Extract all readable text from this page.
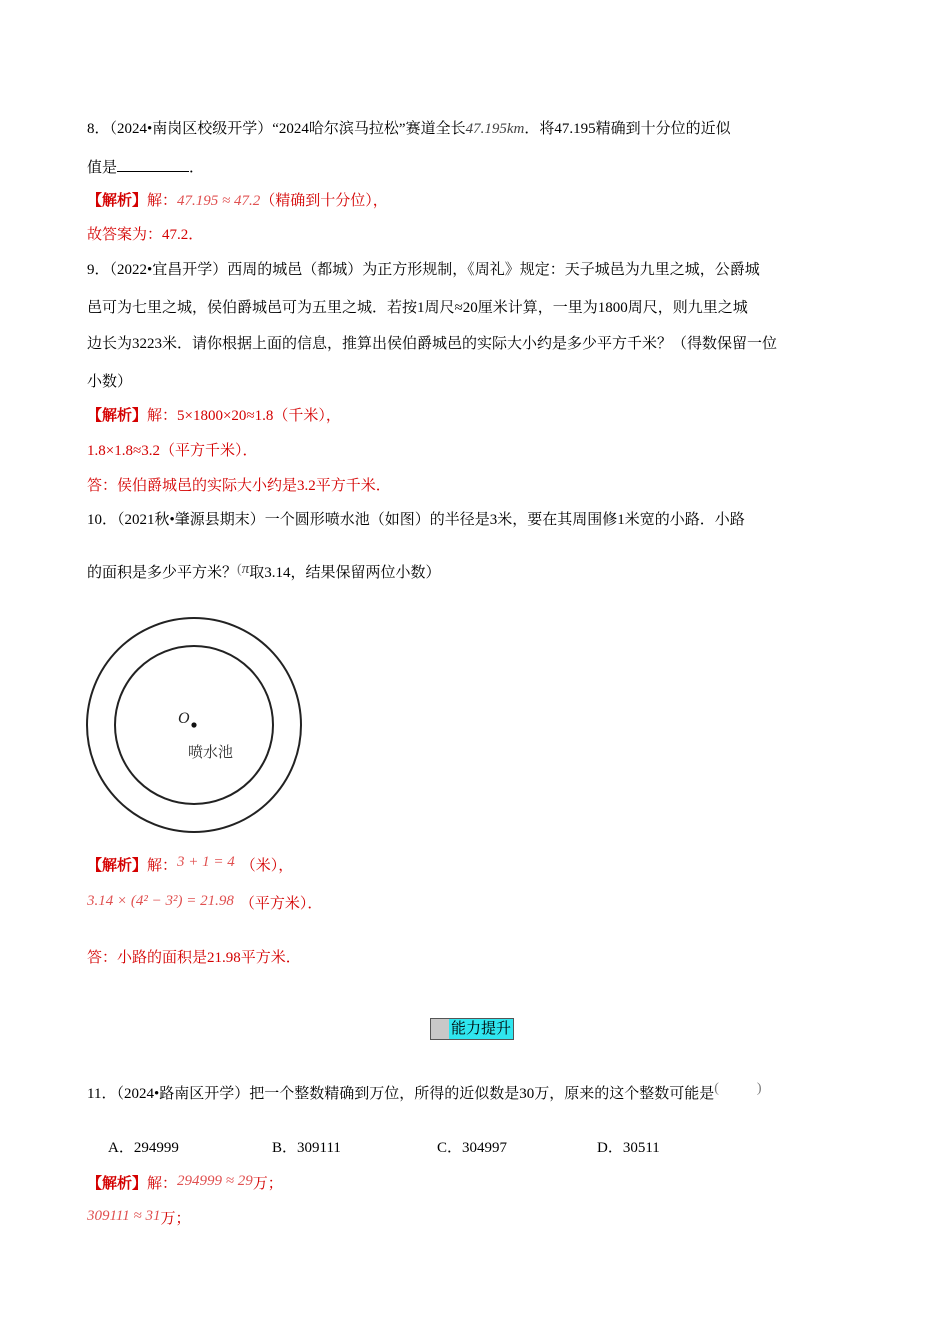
8．（2024•南岗区校级开学）“2024哈尔滨马拉松”赛道全长47.195km．将47.195精确到十分位的近似
值是	．
【解析】解：47.195 ≈ 47.2（精确到十分位），
故答案为：47.2．
9．（2022•宜昌开学）西周的城邑（都城）为正方形规制，《周礼》规定：天子城邑为九里之城，公爵城
邑可为七里之城，侯伯爵城邑可为五里之城．若按1周尺≈20厘米计算，一里为1800周尺，则九里之城
边长为3223米．请你根据上面的信息，推算出侯伯爵城邑的实际大小约是多少平方千米？（得数保留一位
小数）
【解析】解：5×1800×20≈1.8（千米），
1.8×1.8≈3.2（平方千米）．
答：侯伯爵城邑的实际大小约是3.2平方千米．
10．（2021秋•肇源县期末）一个圆形喷水池（如图）的半径是3米，要在其周围修1米宽的小路．小路
的面积是多少平方米？(π取3.14，结果保留两位小数）
O
喷水池
【解析】解：3 + 1 = 4 （米），
3.14 × (4² − 3²) = 21.98 （平方米）．
答：小路的面积是21.98平方米．
能力提升
11．（2024•路南区开学）把一个整数精确到万位，所得的近似数是30万，原来的这个整数可能是(	)
A．294999	B．309111	C．304997	D．30511
【解析】解：294999 ≈ 29万；
309111 ≈ 31万；
